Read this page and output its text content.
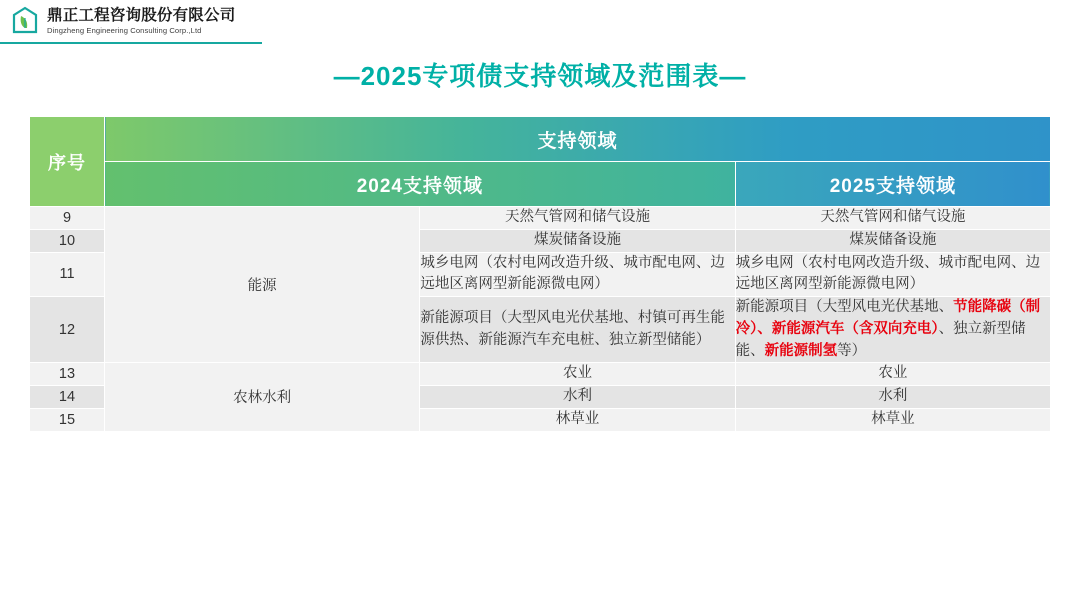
鼎正工程咨询股份有限公司
Dingzheng Engineering Consulting Corp.,Ltd
—2025专项债支持领域及范围表—
序号	支持领域		
	2024支持领域		2025支持领域
9	能源	天然气管网和储气设施	天然气管网和储气设施
10		煤炭储备设施	煤炭储备设施
11		城乡电网（农村电网改造升级、城市配电网、边远地区离网型新能源微电网）	城乡电网（农村电网改造升级、城市配电网、边远地区离网型新能源微电网）
12		新能源项目（大型风电光伏基地、村镇可再生能源供热、新能源汽车充电桩、独立新型储能）	新能源项目（大型风电光伏基地、节能降碳（制冷）、新能源汽车（含双向充电）、独立新型储能、新能源制氢等）
13	农林水利	农业	农业
14		水利	水利
15		林草业	林草业
